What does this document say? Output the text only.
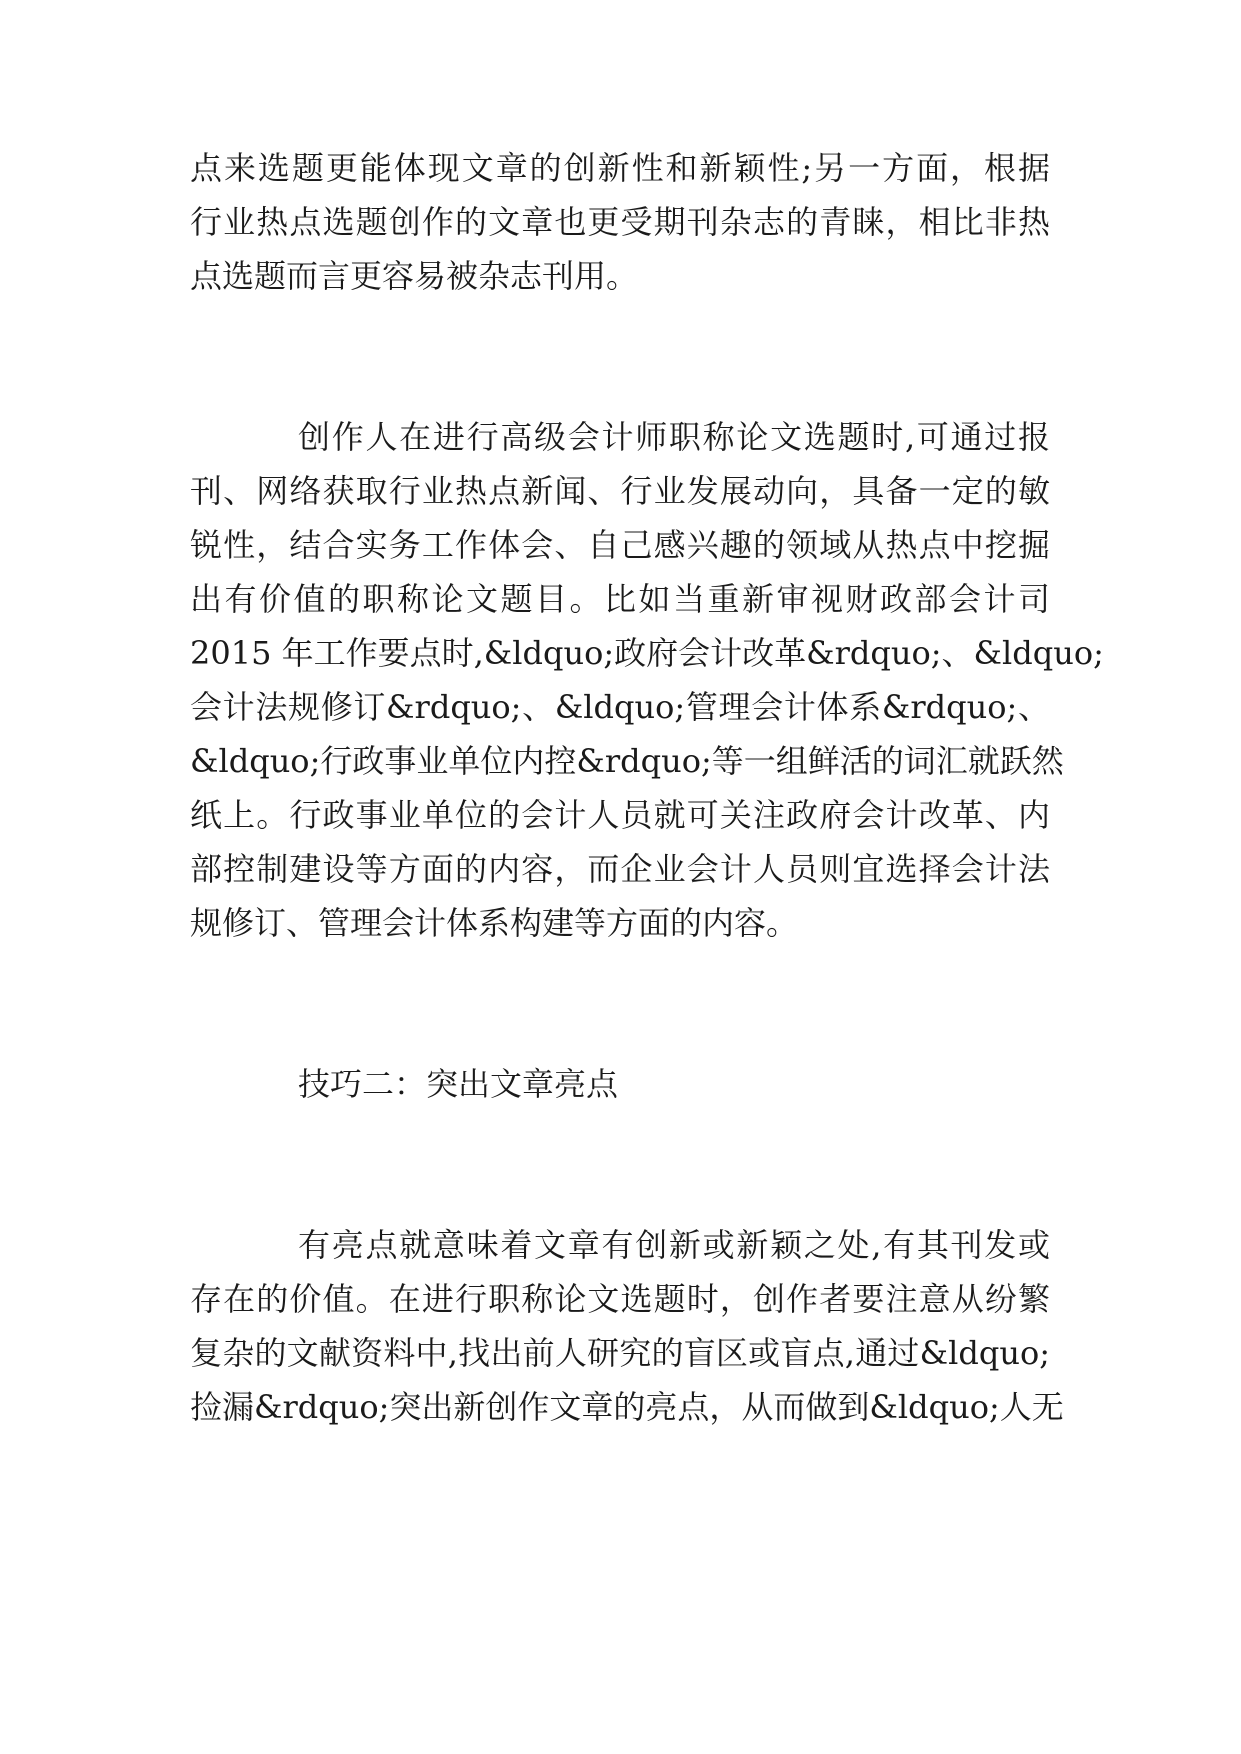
点来选题更能体现文章的创新性和新颖性;另一方面，根据
行业热点选题创作的文章也更受期刊杂志的青睐，相比非热
点选题而言更容易被杂志刊用。
创作人在进行高级会计师职称论文选题时,可通过报
刊、网络获取行业热点新闻、行业发展动向，具备一定的敏
锐性，结合实务工作体会、自己感兴趣的领域从热点中挖掘
出有价值的职称论文题目。比如当重新审视财政部会计司
2015 年工作要点时,&ldquo;政府会计改革&rdquo;、&ldquo;
会计法规修订&rdquo;、&ldquo;管理会计体系&rdquo;、
&ldquo;行政事业单位内控&rdquo;等一组鲜活的词汇就跃然
纸上。行政事业单位的会计人员就可关注政府会计改革、内
部控制建设等方面的内容，而企业会计人员则宜选择会计法
规修订、管理会计体系构建等方面的内容。
技巧二：突出文章亮点
有亮点就意味着文章有创新或新颖之处,有其刊发或
存在的价值。在进行职称论文选题时，创作者要注意从纷繁
复杂的文献资料中,找出前人研究的盲区或盲点,通过&ldquo;
捡漏&rdquo;突出新创作文章的亮点，从而做到&ldquo;人无
